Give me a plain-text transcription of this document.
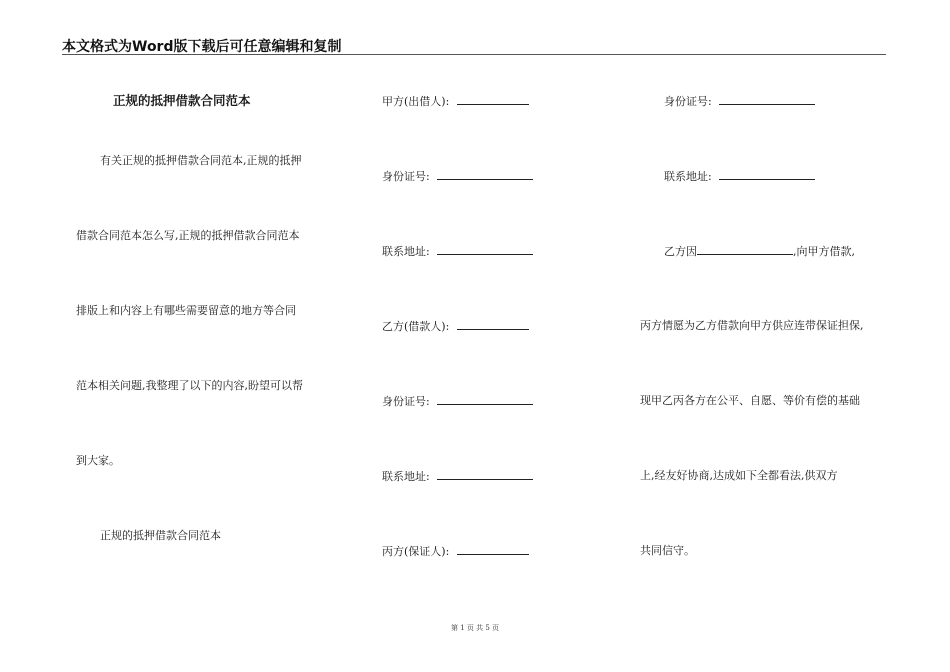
本文格式为Word版下载后可任意编辑和复制
正规的抵押借款合同范本
有关正规的抵押借款合同范本,正规的抵押
借款合同范本怎么写,正规的抵押借款合同范本
排版上和内容上有哪些需要留意的地方等合同
范本相关问题,我整理了以下的内容,盼望可以帮
到大家。
正规的抵押借款合同范本
甲方(出借人):
身份证号:
联系地址:
乙方(借款人):
身份证号:
联系地址:
丙方(保证人):
身份证号:
联系地址:
乙方因	,向甲方借款,
丙方情愿为乙方借款向甲方供应连带保证担保,
现甲乙丙各方在公平、自愿、等价有偿的基础
上,经友好协商,达成如下全都看法,供双方
共同信守。
第 1 页 共 5 页
